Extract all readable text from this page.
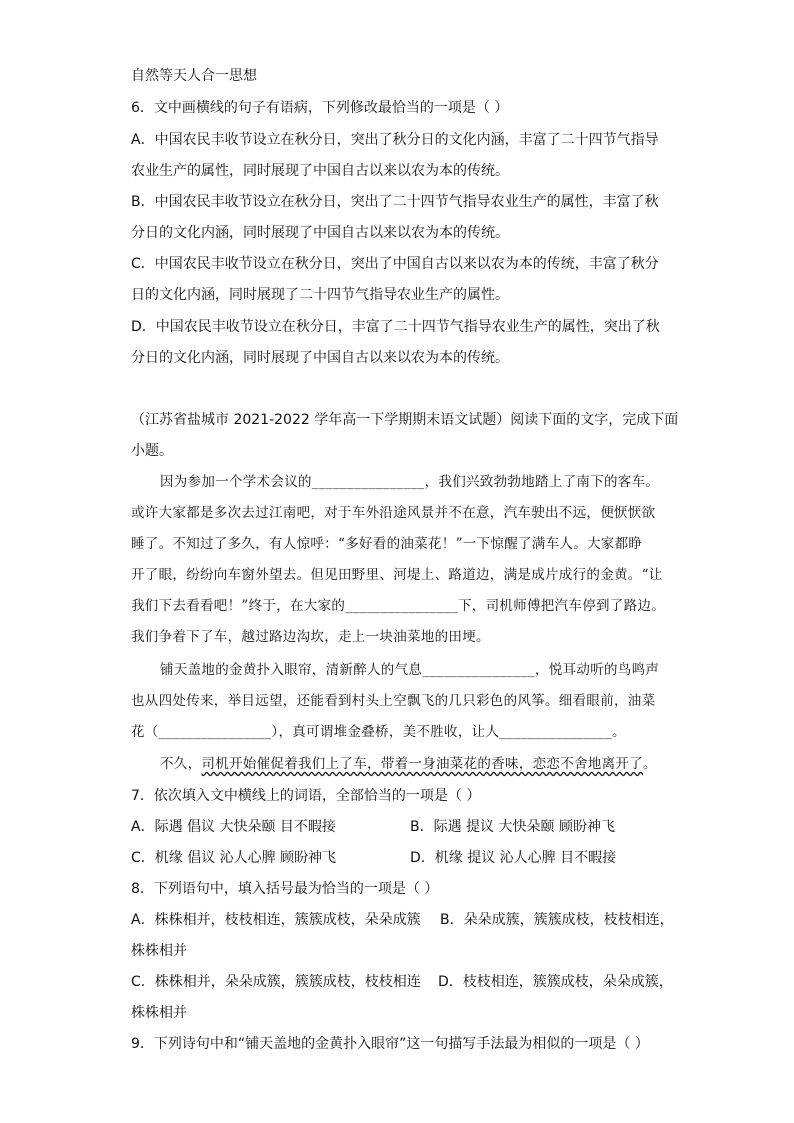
自然等天人合一思想
6．文中画横线的句子有语病，下列修改最恰当的一项是（ ）
A．中国农民丰收节设立在秋分日，突出了秋分日的文化内涵，丰富了二十四节气指导
农业生产的属性，同时展现了中国自古以来以农为本的传统。
B．中国农民丰收节设立在秋分日，突出了二十四节气指导农业生产的属性，丰富了秋
分日的文化内涵，同时展现了中国自古以来以农为本的传统。
C．中国农民丰收节设立在秋分日，突出了中国自古以来以农为本的传统，丰富了秋分
日的文化内涵，同时展现了二十四节气指导农业生产的属性。
D．中国农民丰收节设立在秋分日，丰富了二十四节气指导农业生产的属性，突出了秋
分日的文化内涵，同时展现了中国自古以来以农为本的传统。
（江苏省盐城市 2021-2022 学年高一下学期期末语文试题）阅读下面的文字，完成下面
小题。
因为参加一个学术会议的________________，我们兴致勃勃地踏上了南下的客车。
或许大家都是多次去过江南吧，对于车外沿途风景并不在意，汽车驶出不远，便恹恹欲
睡了。不知过了多久，有人惊呼：“多好看的油菜花！”一下惊醒了满车人。大家都睁
开了眼，纷纷向车窗外望去。但见田野里、河堤上、路道边，满是成片成行的金黄。“让
我们下去看看吧！”终于，在大家的________________下，司机师傅把汽车停到了路边。
我们争着下了车，越过路边沟坎，走上一块油菜地的田埂。
铺天盖地的金黄扑入眼帘，清新醉人的气息________________，悦耳动听的鸟鸣声
也从四处传来，举目远望，还能看到村头上空飘飞的几只彩色的风筝。细看眼前，油菜
花（________________），真可谓堆金叠桥，美不胜收，让人________________。
不久，司机开始催促着我们上了车，带着一身油菜花的香味，恋恋不舍地离开了。
7．依次填入文中横线上的词语，全部恰当的一项是（ ）
A．际遇 倡议 大快朵颐 目不暇接	B．际遇 提议 大快朵颐 顾盼神飞
C．机缘 倡议 沁人心脾 顾盼神飞	D．机缘 提议 沁人心脾 目不暇接
8．下列语句中，填入括号最为恰当的一项是（ ）
A．株株相并，枝枝相连，簇簇成枝，朵朵成簇 B．朵朵成簇，簇簇成枝，枝枝相连，
株株相并
C．株株相并，朵朵成簇，簇簇成枝，枝枝相连 D．枝枝相连，簇簇成枝，朵朵成簇，
株株相并
9．下列诗句中和“铺天盖地的金黄扑入眼帘”这一句描写手法最为相似的一项是（ ）
